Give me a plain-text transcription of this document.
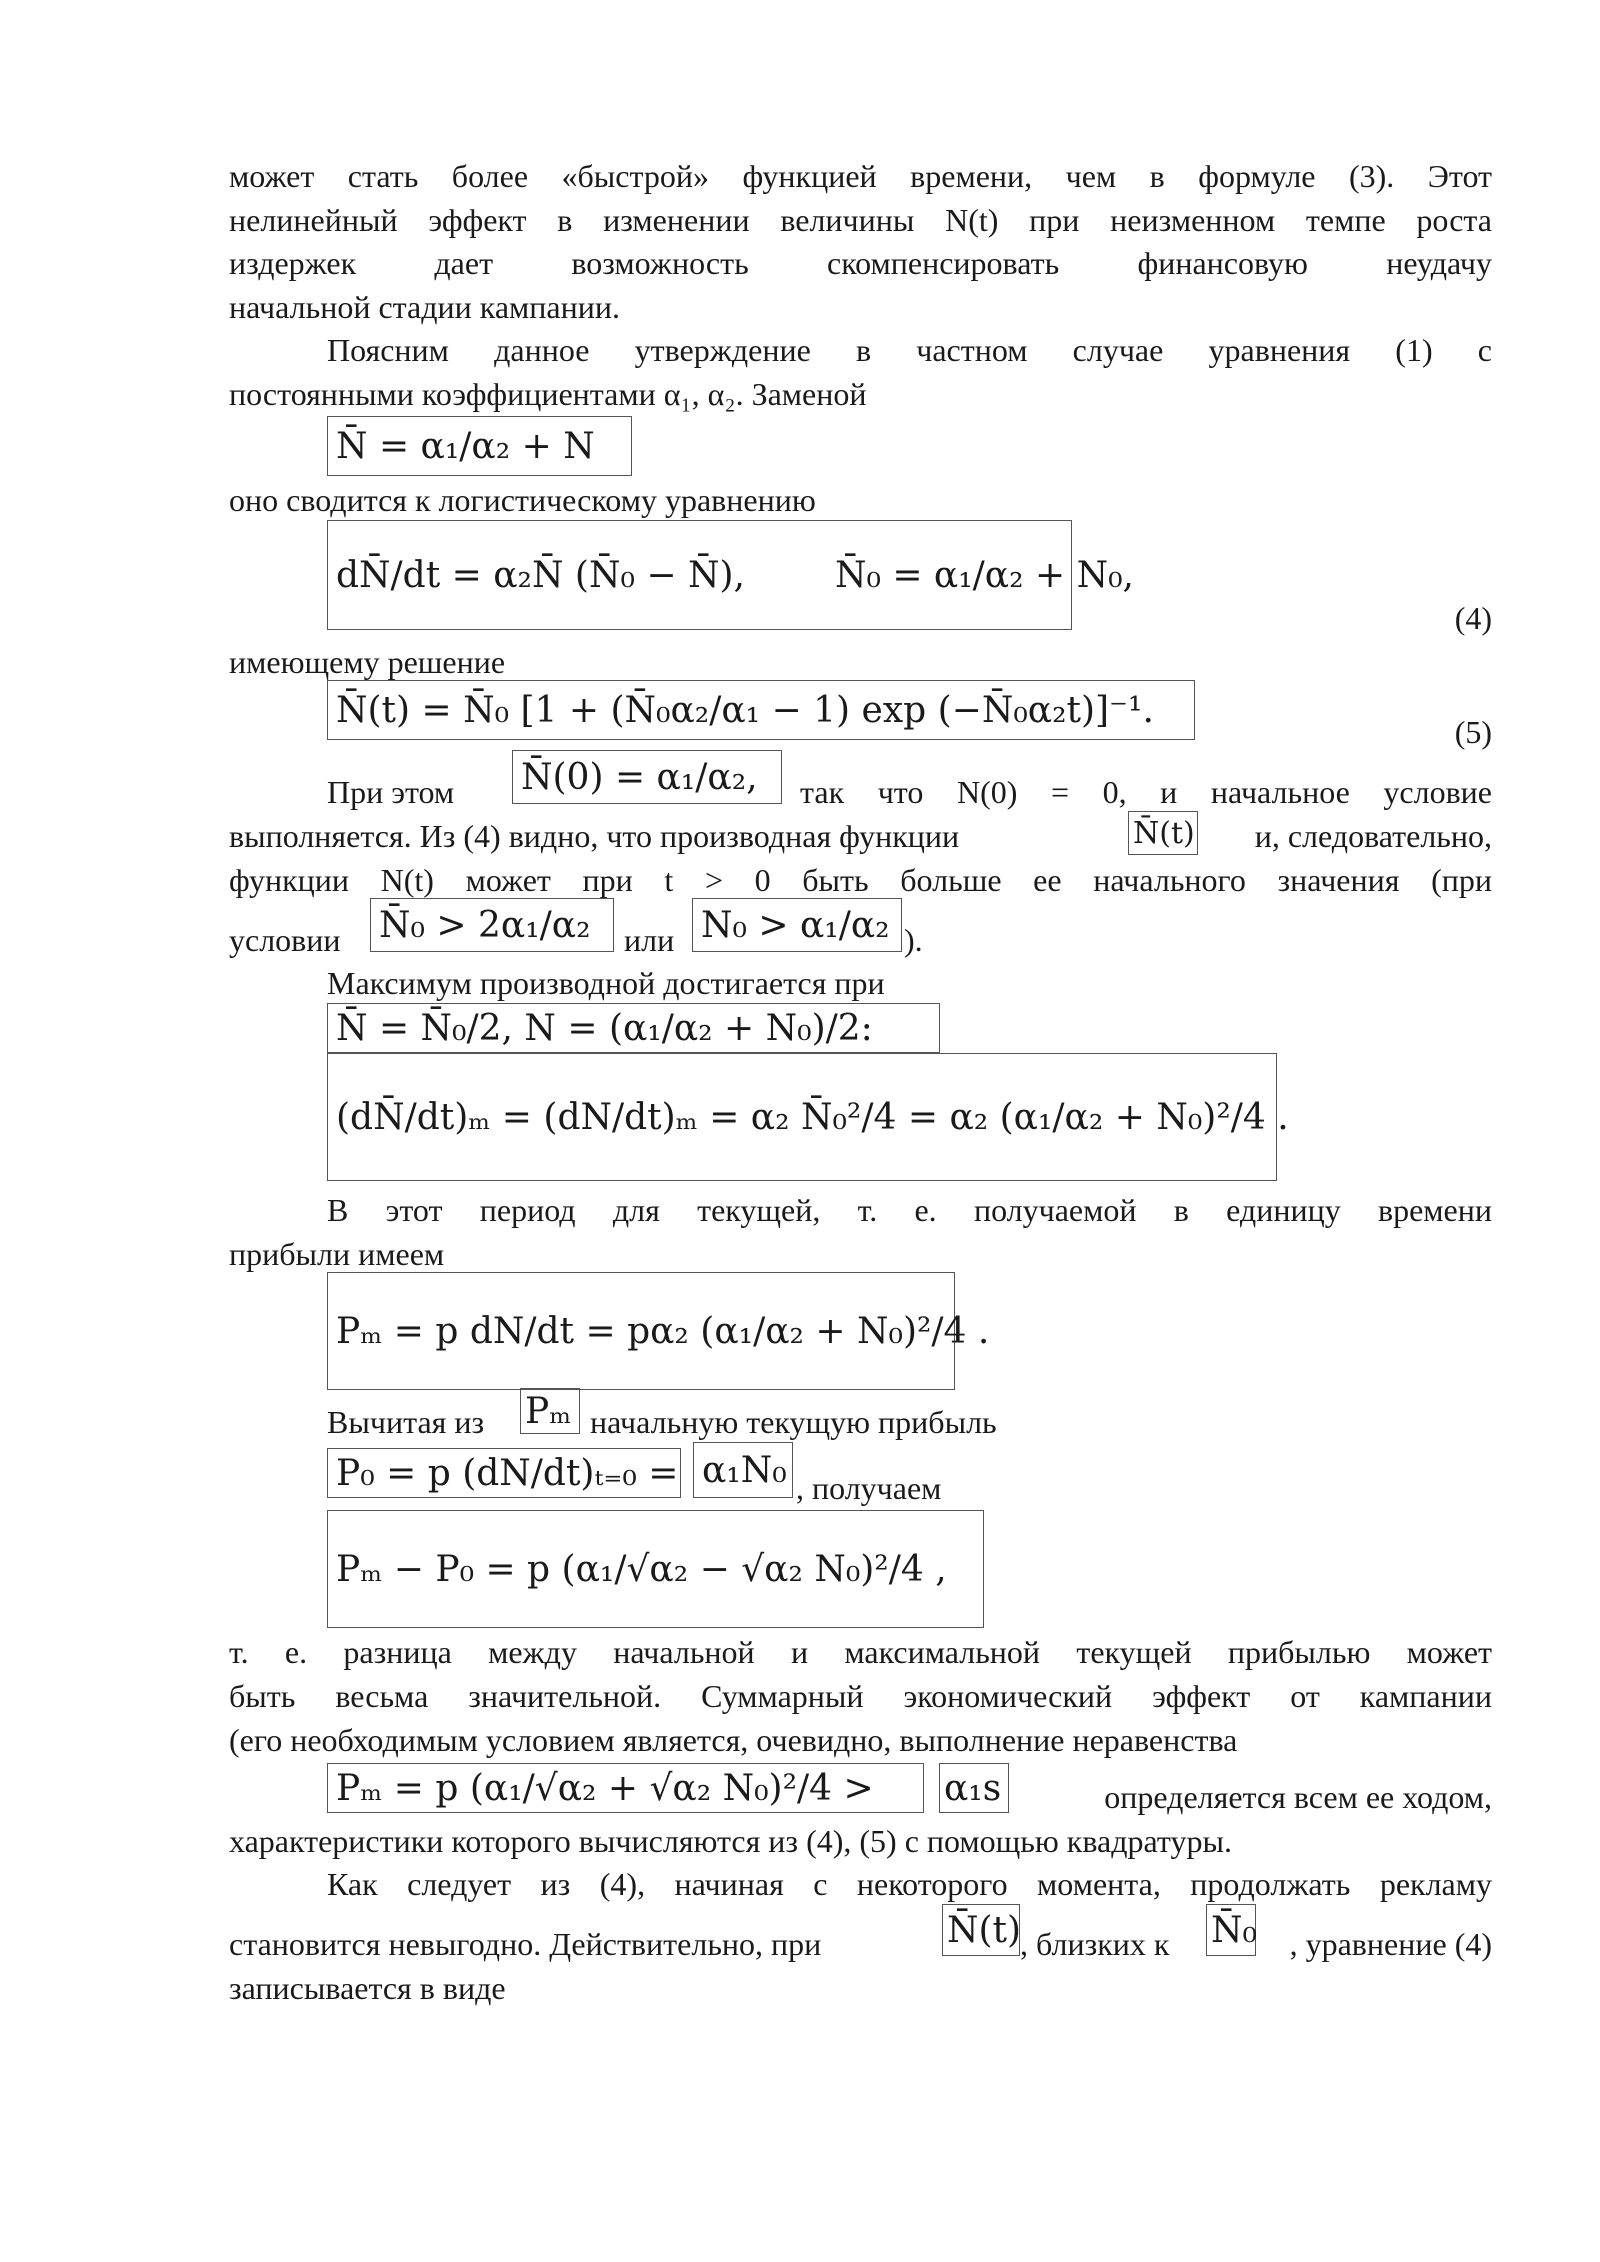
может стать более «быстрой» функцией времени, чем в формуле (3). Этот
нелинейный эффект в изменении величины N(t) при неизменном темпе роста
издержек дает возможность скомпенсировать финансовую неудачу
начальной стадии кампании.
Поясним данное утверждение в частном случае уравнения (1) с
постоянными коэффициентами α₁, α₂. Заменой
N̄ = α₁/α₂ + N
оно сводится к логистическому уравнению
dN̄/dt = α₂N̄ (N̄₀ − N̄),	N̄₀ = α₁/α₂ + N₀,
(4)
имеющему решение
N̄(t) = N̄₀ [1 + (N̄₀α₂/α₁ − 1) exp (−N̄₀α₂t)]⁻¹.
(5)
При этом	N̄(0) = α₁/α₂,	так что N(0) = 0, и начальное условие
выполняется. Из (4) видно, что производная функции	N̄(t)	и, следовательно,
функции N(t) может при t > 0 быть больше ее начального значения (при
условии	N̄₀ > 2α₁/α₂	или N₀ > α₁/α₂ ).
Максимум производной достигается при
N̄ = N̄₀/2, N = (α₁/α₂ + N₀)/2:
(dN̄/dt)ₘ = (dN/dt)ₘ = α₂ N̄₀²/4 = α₂ (α₁/α₂ + N₀)²/4 .
В этот период для текущей, т. е. получаемой в единицу времени
прибыли имеем
Pₘ = p dN/dt = pα₂ (α₁/α₂ + N₀)²/4 .
Вычитая из	Pₘ начальную текущую прибыль
P₀ = p (dN/dt)ₜ₌₀ = α₁N₀ , получаем
Pₘ − P₀ = p (α₁/√α₂ − √α₂ N₀)²/4 ,
т. е. разница между начальной и максимальной текущей прибылью может
быть весьма значительной. Суммарный экономический эффект от кампании
(его необходимым условием является, очевидно, выполнение неравенства
Pₘ = p (α₁/√α₂ + √α₂ N₀)²/4 >	α₁s	определяется всем ее ходом,
характеристики которого вычисляются из (4), (5) с помощью квадратуры.
Как следует из (4), начиная с некоторого момента, продолжать рекламу
становится невыгодно. Действительно, при	N̄(t)
, близких к	N̄₀	, уравнение (4)
записывается в виде
